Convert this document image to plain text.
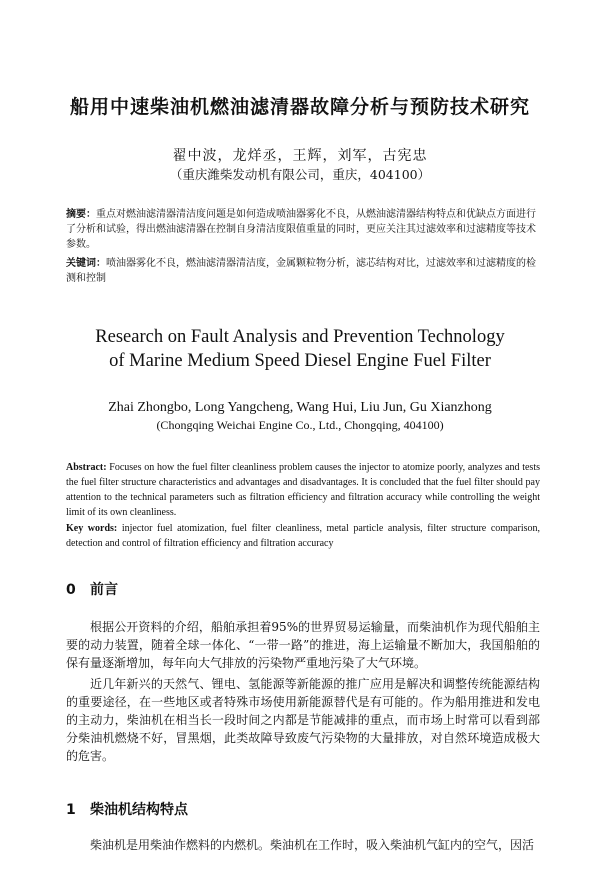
船用中速柴油机燃油滤清器故障分析与预防技术研究
翟中波，龙烊丞，王辉，刘军，古宪忠
（重庆潍柴发动机有限公司，重庆，404100）
摘要：重点对燃油滤清器清洁度问题是如何造成喷油器雾化不良，从燃油滤清器结构特点和优缺点方面进行了分析和试验，得出燃油滤清器在控制自身清洁度限值重量的同时，更应关注其过滤效率和过滤精度等技术参数。
关键词：喷油器雾化不良，燃油滤清器清洁度，金属颗粒物分析，滤芯结构对比，过滤效率和过滤精度的检测和控制
Research on Fault Analysis and Prevention Technology
of Marine Medium Speed Diesel Engine Fuel Filter
Zhai Zhongbo, Long Yangcheng, Wang Hui, Liu Jun, Gu Xianzhong
(Chongqing Weichai Engine Co., Ltd., Chongqing, 404100)
Abstract: Focuses on how the fuel filter cleanliness problem causes the injector to atomize poorly, analyzes and tests the fuel filter structure characteristics and advantages and disadvantages. It is concluded that the fuel filter should pay attention to the technical parameters such as filtration efficiency and filtration accuracy while controlling the weight limit of its own cleanliness.
Key words: injector fuel atomization, fuel filter cleanliness, metal particle analysis, filter structure comparison, detection and control of filtration efficiency and filtration accuracy
0 前言
根据公开资料的介绍，船舶承担着95%的世界贸易运输量，而柴油机作为现代船舶主要的动力装置，随着全球一体化、“一带一路”的推进，海上运输量不断加大，我国船舶的保有量逐渐增加，每年向大气排放的污染物严重地污染了大气环境。
近几年新兴的天然气、锂电、氢能源等新能源的推广应用是解决和调整传统能源结构的重要途径，在一些地区或者特殊市场使用新能源替代是有可能的。作为船用推进和发电的主动力，柴油机在相当长一段时间之内都是节能减排的重点，而市场上时常可以看到部分柴油机燃烧不好，冒黑烟，此类故障导致废气污染物的大量排放，对自然环境造成极大的危害。
1 柴油机结构特点
柴油机是用柴油作燃料的内燃机。柴油机在工作时，吸入柴油机气缸内的空气，因活
